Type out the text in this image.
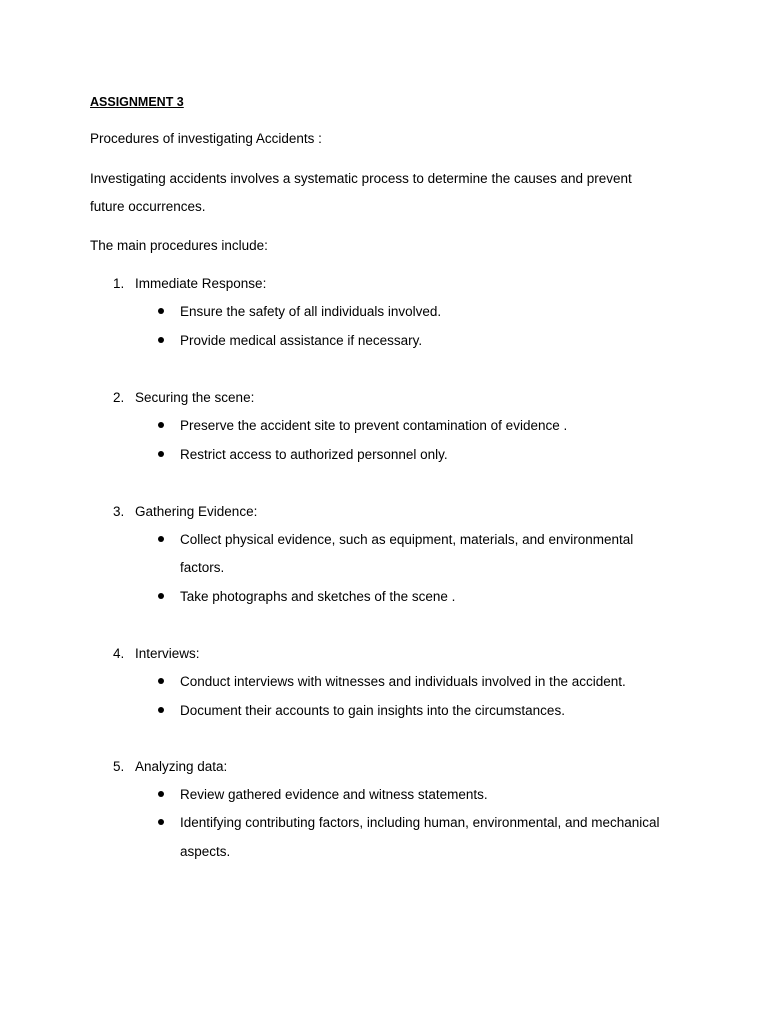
ASSIGNMENT 3
Procedures of investigating Accidents :
Investigating accidents involves a systematic process to determine the causes and prevent
future occurrences.
The main procedures include:
1. Immediate Response:
Ensure the safety of all individuals involved.
Provide medical assistance if necessary.
2. Securing the scene:
Preserve the accident site to prevent contamination of evidence .
Restrict access to authorized personnel only.
3. Gathering Evidence:
Collect physical evidence, such as equipment, materials, and environmental
factors.
Take photographs and sketches of the scene .
4. Interviews:
Conduct interviews with witnesses and individuals involved in the accident.
Document their accounts to gain insights into the circumstances.
5. Analyzing data:
Review gathered evidence and witness statements.
Identifying contributing factors, including human, environmental, and mechanical
aspects.
